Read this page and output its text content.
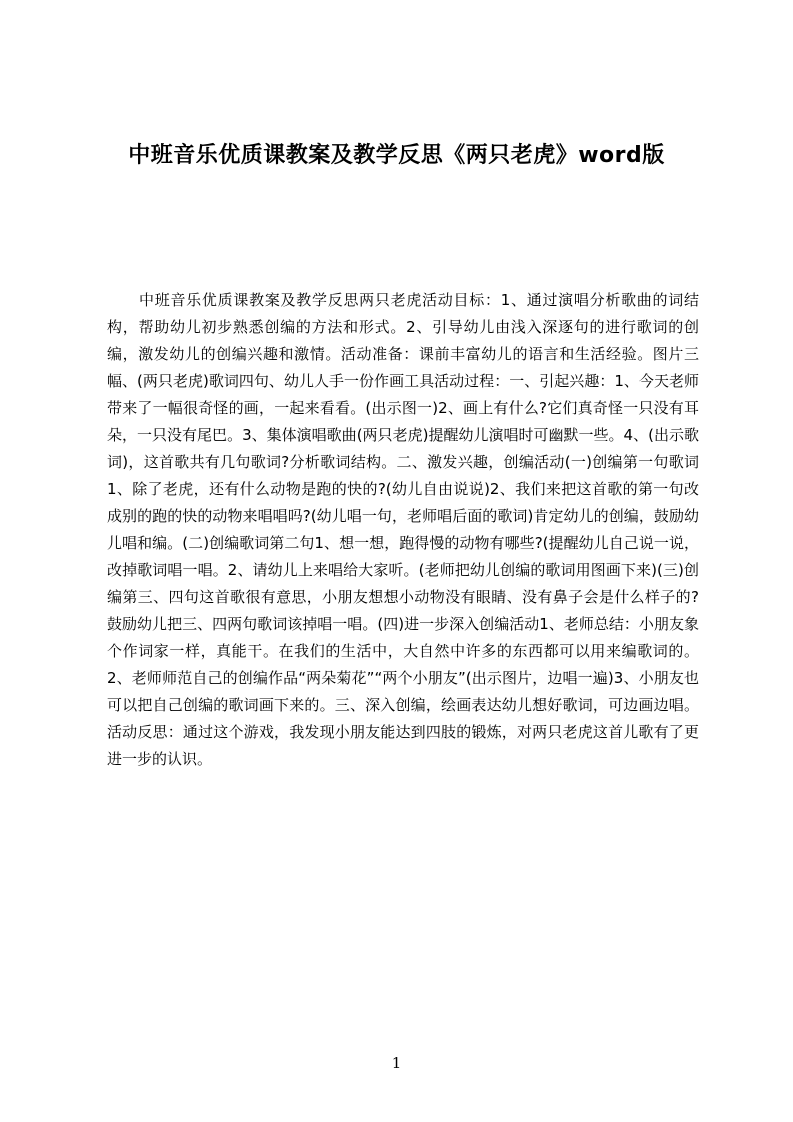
中班音乐优质课教案及教学反思《两只老虎》word版

中班音乐优质课教案及教学反思两只老虎活动目标：1、通过演唱分析歌曲的词结构，帮助幼儿初步熟悉创编的方法和形式。2、引导幼儿由浅入深逐句的进行歌词的创编，激发幼儿的创编兴趣和激情。活动准备：课前丰富幼儿的语言和生活经验。图片三幅、(两只老虎)歌词四句、幼儿人手一份作画工具活动过程：一、引起兴趣：1、今天老师带来了一幅很奇怪的画，一起来看看。(出示图一)2、画上有什么?它们真奇怪一只没有耳朵，一只没有尾巴。3、集体演唱歌曲(两只老虎)提醒幼儿演唱时可幽默一些。4、(出示歌词)，这首歌共有几句歌词?分析歌词结构。二、激发兴趣，创编活动(一)创编第一句歌词1、除了老虎，还有什么动物是跑的快的?(幼儿自由说说)2、我们来把这首歌的第一句改成别的跑的快的动物来唱唱吗?(幼儿唱一句，老师唱后面的歌词)肯定幼儿的创编，鼓励幼儿唱和编。(二)创编歌词第二句1、想一想，跑得慢的动物有哪些?(提醒幼儿自己说一说，改掉歌词唱一唱。2、请幼儿上来唱给大家听。(老师把幼儿创编的歌词用图画下来)(三)创编第三、四句这首歌很有意思，小朋友想想小动物没有眼睛、没有鼻子会是什么样子的?鼓励幼儿把三、四两句歌词该掉唱一唱。(四)进一步深入创编活动1、老师总结：小朋友象个作词家一样，真能干。在我们的生活中，大自然中许多的东西都可以用来编歌词的。2、老师师范自己的创编作品“两朵菊花”“两个小朋友”(出示图片，边唱一遍)3、小朋友也可以把自己创编的歌词画下来的。三、深入创编，绘画表达幼儿想好歌词，可边画边唱。活动反思：通过这个游戏，我发现小朋友能达到四肢的锻炼，对两只老虎这首儿歌有了更进一步的认识。

1
